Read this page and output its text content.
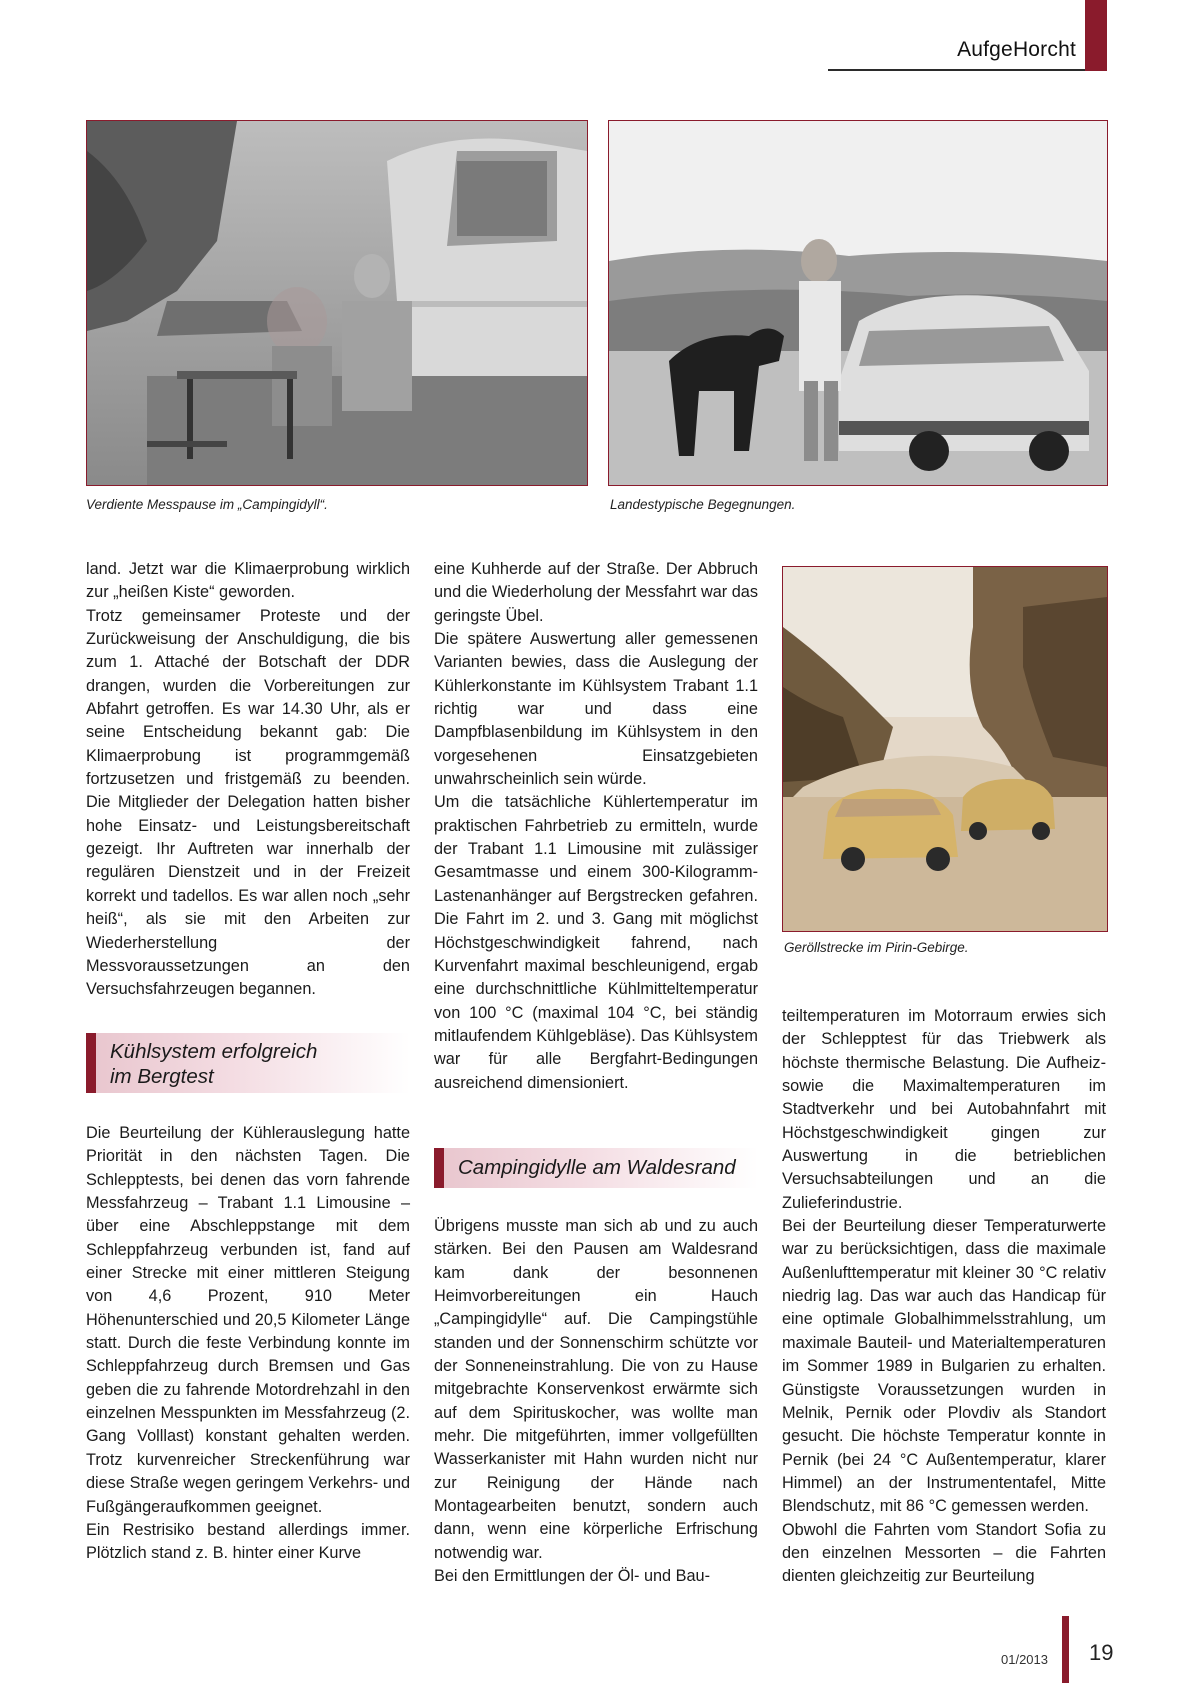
AufgeHorcht
Verdiente Messpause im „Campingidyll“.	Landestypische Begegnungen.

land. Jetzt war die Klimaerprobung wirklich zur „heißen Kiste“ geworden.

Trotz gemeinsamer Proteste und der Zurückweisung der Anschuldigung, die bis zum 1. Attaché der Botschaft der DDR drangen, wurden die Vorbereitungen zur Abfahrt getroffen. Es war 14.30 Uhr, als er seine Entscheidung bekannt gab: Die Klimaerprobung ist programmgemäß fortzusetzen und fristgemäß zu beenden. Die Mitglieder der Delegation hatten bisher hohe Einsatz- und Leistungsbereitschaft gezeigt. Ihr Auftreten war innerhalb der regulären Dienstzeit und in der Freizeit korrekt und tadellos. Es war allen noch „sehr heiß“, als sie mit den Arbeiten zur Wiederherstellung der Messvoraussetzungen an den Versuchsfahrzeugen begannen.

Kühlsystem erfolgreich
im Bergtest

Die Beurteilung der Kühlerauslegung hatte Priorität in den nächsten Tagen. Die Schlepptests, bei denen das vorn fahrende Messfahrzeug – Trabant 1.1 Limousine – über eine Abschleppstange mit dem Schleppfahrzeug verbunden ist, fand auf einer Strecke mit einer mittleren Steigung von 4,6 Prozent, 910 Meter Höhenunterschied und 20,5 Kilometer Länge statt. Durch die feste Verbindung konnte im Schleppfahrzeug durch Bremsen und Gas geben die zu fahrende Motordrehzahl in den einzelnen Messpunkten im Messfahrzeug (2. Gang Volllast) konstant gehalten werden. Trotz kurvenreicher Streckenführung war diese Straße wegen geringem Verkehrs- und Fußgängeraufkommen geeignet.

Ein Restrisiko bestand allerdings immer. Plötzlich stand z. B. hinter einer Kurve

eine Kuhherde auf der Straße. Der Abbruch und die Wiederholung der Messfahrt war das geringste Übel.

Die spätere Auswertung aller gemessenen Varianten bewies, dass die Auslegung der Kühlerkonstante im Kühlsystem Trabant 1.1 richtig war und dass eine Dampfblasenbildung im Kühlsystem in den vorgesehenen Einsatzgebieten unwahrscheinlich sein würde.

Um die tatsächliche Kühlertemperatur im praktischen Fahrbetrieb zu ermitteln, wurde der Trabant 1.1 Limousine mit zulässiger Gesamtmasse und einem 300-Kilogramm-Lastenanhänger auf Bergstrecken gefahren. Die Fahrt im 2. und 3. Gang mit möglichst Höchstgeschwindigkeit fahrend, nach Kurvenfahrt maximal beschleunigend, ergab eine durchschnittliche Kühlmitteltemperatur von 100 °C (maximal 104 °C, bei ständig mitlaufendem Kühlgebläse). Das Kühlsystem war für alle Bergfahrt-Bedingungen ausreichend dimensioniert.

Campingidylle am Waldesrand

Übrigens musste man sich ab und zu auch stärken. Bei den Pausen am Waldesrand kam dank der besonnenen Heimvorbereitungen ein Hauch „Campingidylle“ auf. Die Campingstühle standen und der Sonnenschirm schützte vor der Sonneneinstrahlung. Die von zu Hause mitgebrachte Konservenkost erwärmte sich auf dem Spirituskocher, was wollte man mehr. Die mitgeführten, immer vollgefüllten Wasserkanister mit Hahn wurden nicht nur zur Reinigung der Hände nach Montagearbeiten benutzt, sondern auch dann, wenn eine körperliche Erfrischung notwendig war.

Bei den Ermittlungen der Öl- und Bau-

Geröllstrecke im Pirin-Gebirge.

teiltemperaturen im Motorraum erwies sich der Schlepptest für das Triebwerk als höchste thermische Belastung. Die Aufheiz- sowie die Maximaltemperaturen im Stadtverkehr und bei Autobahnfahrt mit Höchstgeschwindigkeit gingen zur Auswertung in die betrieblichen Versuchsabteilungen und an die Zulieferindustrie.

Bei der Beurteilung dieser Temperaturwerte war zu berücksichtigen, dass die maximale Außenlufttemperatur mit kleiner 30 °C relativ niedrig lag. Das war auch das Handicap für eine optimale Globalhimmelsstrahlung, um maximale Bauteil- und Materialtemperaturen im Sommer 1989 in Bulgarien zu erhalten. Günstigste Voraussetzungen wurden in Melnik, Pernik oder Plovdiv als Standort gesucht. Die höchste Temperatur konnte in Pernik (bei 24 °C Außentemperatur, klarer Himmel) an der Instrumententafel, Mitte Blendschutz, mit 86 °C gemessen werden.

Obwohl die Fahrten vom Standort Sofia zu den einzelnen Messorten – die Fahrten dienten gleichzeitig zur Beurteilung

01/2013 19
